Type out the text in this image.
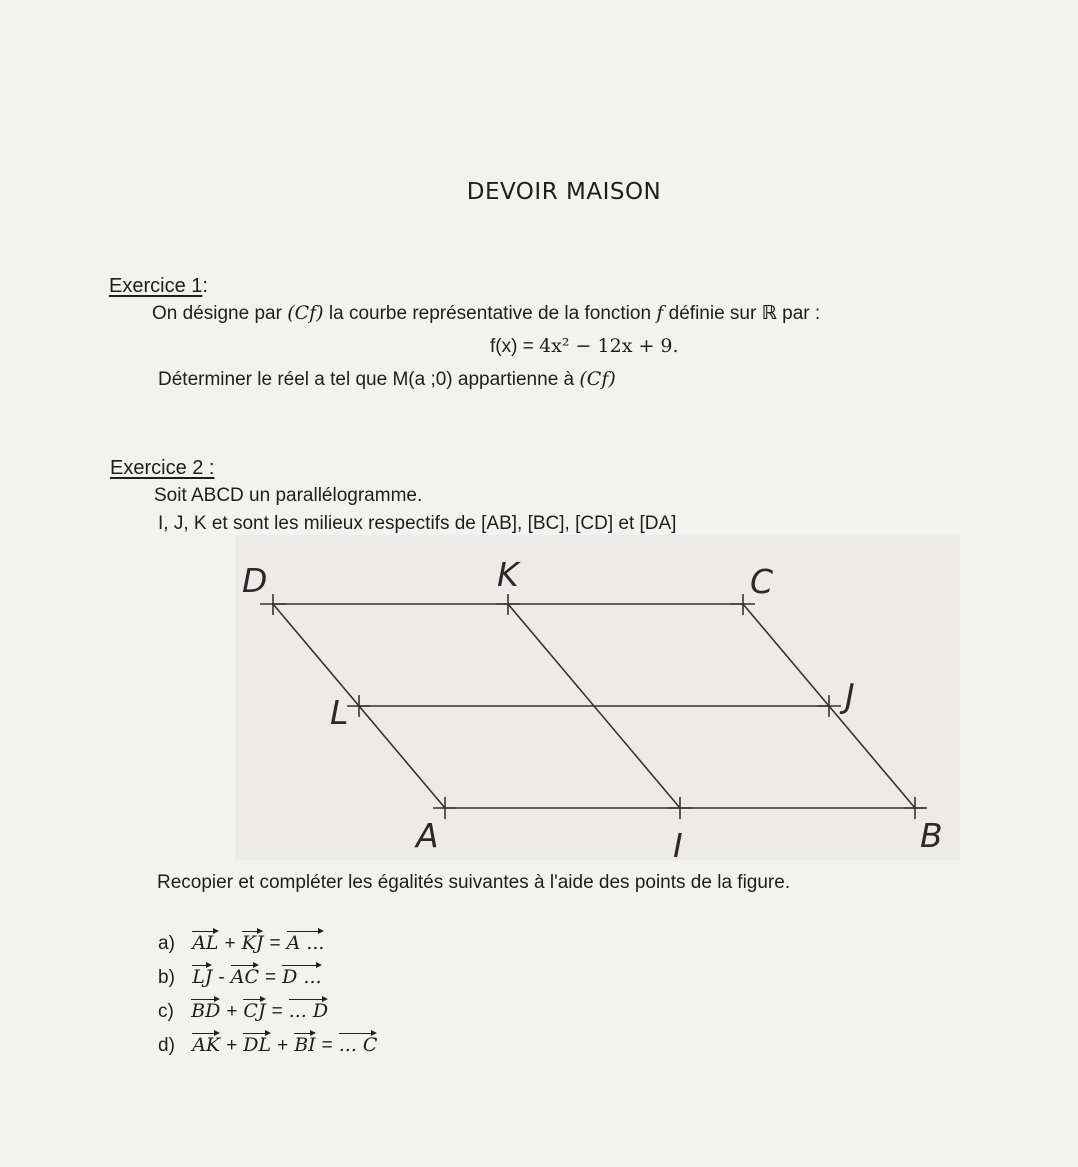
DEVOIR MAISON
Exercice 1:
On désigne par (Cf) la courbe représentative de la fonction f définie sur ℝ par :
f(x) = 4x² − 12x + 9.
Déterminer le réel a tel que M(a ;0) appartienne à (Cf)
Exercice 2 :
Soit ABCD un parallélogramme.
I, J, K et sont les milieux respectifs de [AB], [BC], [CD] et [DA]
D	K	C
L	J
A	I	B
Recopier et compléter les égalités suivantes à l'aide des points de la figure.
a) AL + KJ = A ...
b) LJ - AC = D ...
c) BD + CJ = ... D
d) AK + DL + BI = ... C
